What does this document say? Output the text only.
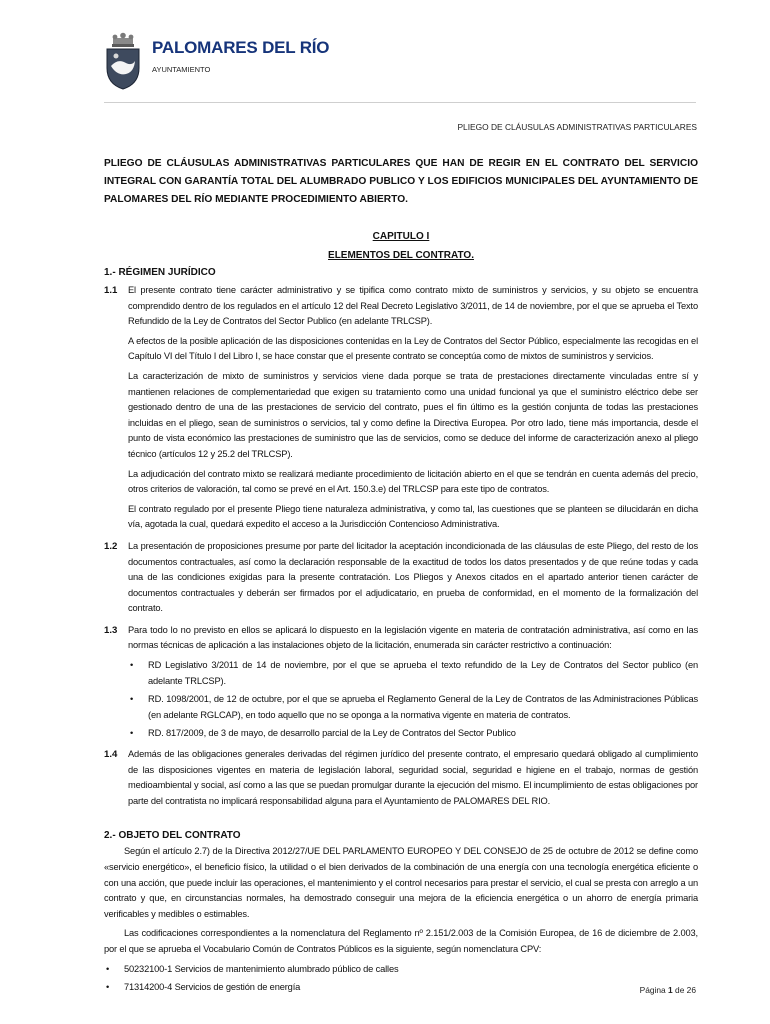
PALOMARES DEL RÍO
AYUNTAMIENTO
PLIEGO DE CLÁUSULAS ADMINISTRATIVAS PARTICULARES

PLIEGO DE CLÁUSULAS ADMINISTRATIVAS PARTICULARES QUE HAN DE REGIR EN EL CONTRATO DEL SERVICIO INTEGRAL CON GARANTÍA TOTAL DEL ALUMBRADO PUBLICO Y LOS EDIFICIOS MUNICIPALES DEL AYUNTAMIENTO DE PALOMARES DEL RÍO MEDIANTE PROCEDIMIENTO ABIERTO.

CAPITULO I
ELEMENTOS DEL CONTRATO.

1.- RÉGIMEN JURÍDICO

1.1	El presente contrato tiene carácter administrativo y se tipifica como contrato mixto de suministros y servicios, y su objeto se encuentra comprendido dentro de los regulados en el artículo 12 del Real Decreto Legislativo 3/2011, de 14 de noviembre, por el que se aprueba el Texto Refundido de la Ley de Contratos del Sector Publico (en adelante TRLCSP).

A efectos de la posible aplicación de las disposiciones contenidas en la Ley de Contratos del Sector Público, especialmente las recogidas en el Capítulo VI del Título I del Libro I, se hace constar que el presente contrato se conceptúa como de mixtos de suministros y servicios.

La caracterización de mixto de suministros y servicios viene dada porque se trata de prestaciones directamente vinculadas entre sí y mantienen relaciones de complementariedad que exigen su tratamiento como una unidad funcional ya que el suministro eléctrico debe ser gestionado dentro de una de las prestaciones de servicio del contrato, pues el fin último es la gestión conjunta de todas las prestaciones incluidas en el pliego, sean de suministros o servicios, tal y como define la Directiva Europea. Por otro lado, tiene más importancia, desde el punto de vista económico las prestaciones de suministro que las de servicios, como se deduce del informe de caracterización anexo al pliego técnico (artículos 12 y 25.2 del TRLCSP).

La adjudicación del contrato mixto se realizará mediante procedimiento de licitación abierto en el que se tendrán en cuenta además del precio, otros criterios de valoración, tal como se prevé en el Art. 150.3.e) del TRLCSP para este tipo de contratos.

El contrato regulado por el presente Pliego tiene naturaleza administrativa, y como tal, las cuestiones que se planteen se dilucidarán en dicha vía, agotada la cual, quedará expedito el acceso a la Jurisdicción Contencioso Administrativa.

1.2	La presentación de proposiciones presume por parte del licitador la aceptación incondicionada de las cláusulas de este Pliego, del resto de los documentos contractuales, así como la declaración responsable de la exactitud de todos los datos presentados y de que reúne todas y cada una de las condiciones exigidas para la presente contratación. Los Pliegos y Anexos citados en el apartado anterior tienen carácter de documentos contractuales y deberán ser firmados por el adjudicatario, en prueba de conformidad, en el momento de la formalización del contrato.

1.3	Para todo lo no previsto en ellos se aplicará lo dispuesto en la legislación vigente en materia de contratación administrativa, así como en las normas técnicas de aplicación a las instalaciones objeto de la licitación, enumerada sin carácter restrictivo a continuación:

• RD Legislativo 3/2011 de 14 de noviembre, por el que se aprueba el texto refundido de la Ley de Contratos del Sector publico (en adelante TRLCSP).
• RD. 1098/2001, de 12 de octubre, por el que se aprueba el Reglamento General de la Ley de Contratos de las Administraciones Públicas (en adelante RGLCAP), en todo aquello que no se oponga a la normativa vigente en materia de contratos.
• RD. 817/2009, de 3 de mayo, de desarrollo parcial de la Ley de Contratos del Sector Publico
1.4	Además de las obligaciones generales derivadas del régimen jurídico del presente contrato, el empresario quedará obligado al cumplimiento de las disposiciones vigentes en materia de legislación laboral, seguridad social, seguridad e higiene en el trabajo, normas de gestión medioambiental y social, así como a las que se puedan promulgar durante la ejecución del mismo. El incumplimiento de estas obligaciones por parte del contratista no implicará responsabilidad alguna para el Ayuntamiento de PALOMARES DEL RIO.

2.- OBJETO DEL CONTRATO

Según el artículo 2.7) de la Directiva 2012/27/UE DEL PARLAMENTO EUROPEO Y DEL CONSEJO de 25 de octubre de 2012 se define como «servicio energético», el beneficio físico, la utilidad o el bien derivados de la combinación de una energía con una tecnología energética eficiente o con una acción, que puede incluir las operaciones, el mantenimiento y el control necesarios para prestar el servicio, el cual se presta con arreglo a un contrato y que, en circunstancias normales, ha demostrado conseguir una mejora de la eficiencia energética o un ahorro de energía primaria verificables y medibles o estimables.

Las codificaciones correspondientes a la nomenclatura del Reglamento nº 2.151/2.003 de la Comisión Europea, de 16 de diciembre de 2.003, por el que se aprueba el Vocabulario Común de Contratos Públicos es la siguiente, según nomenclatura CPV:

• 50232100-1 Servicios de mantenimiento alumbrado público de calles
• 71314200-4 Servicios de gestión de energía	Página 1 de 26
